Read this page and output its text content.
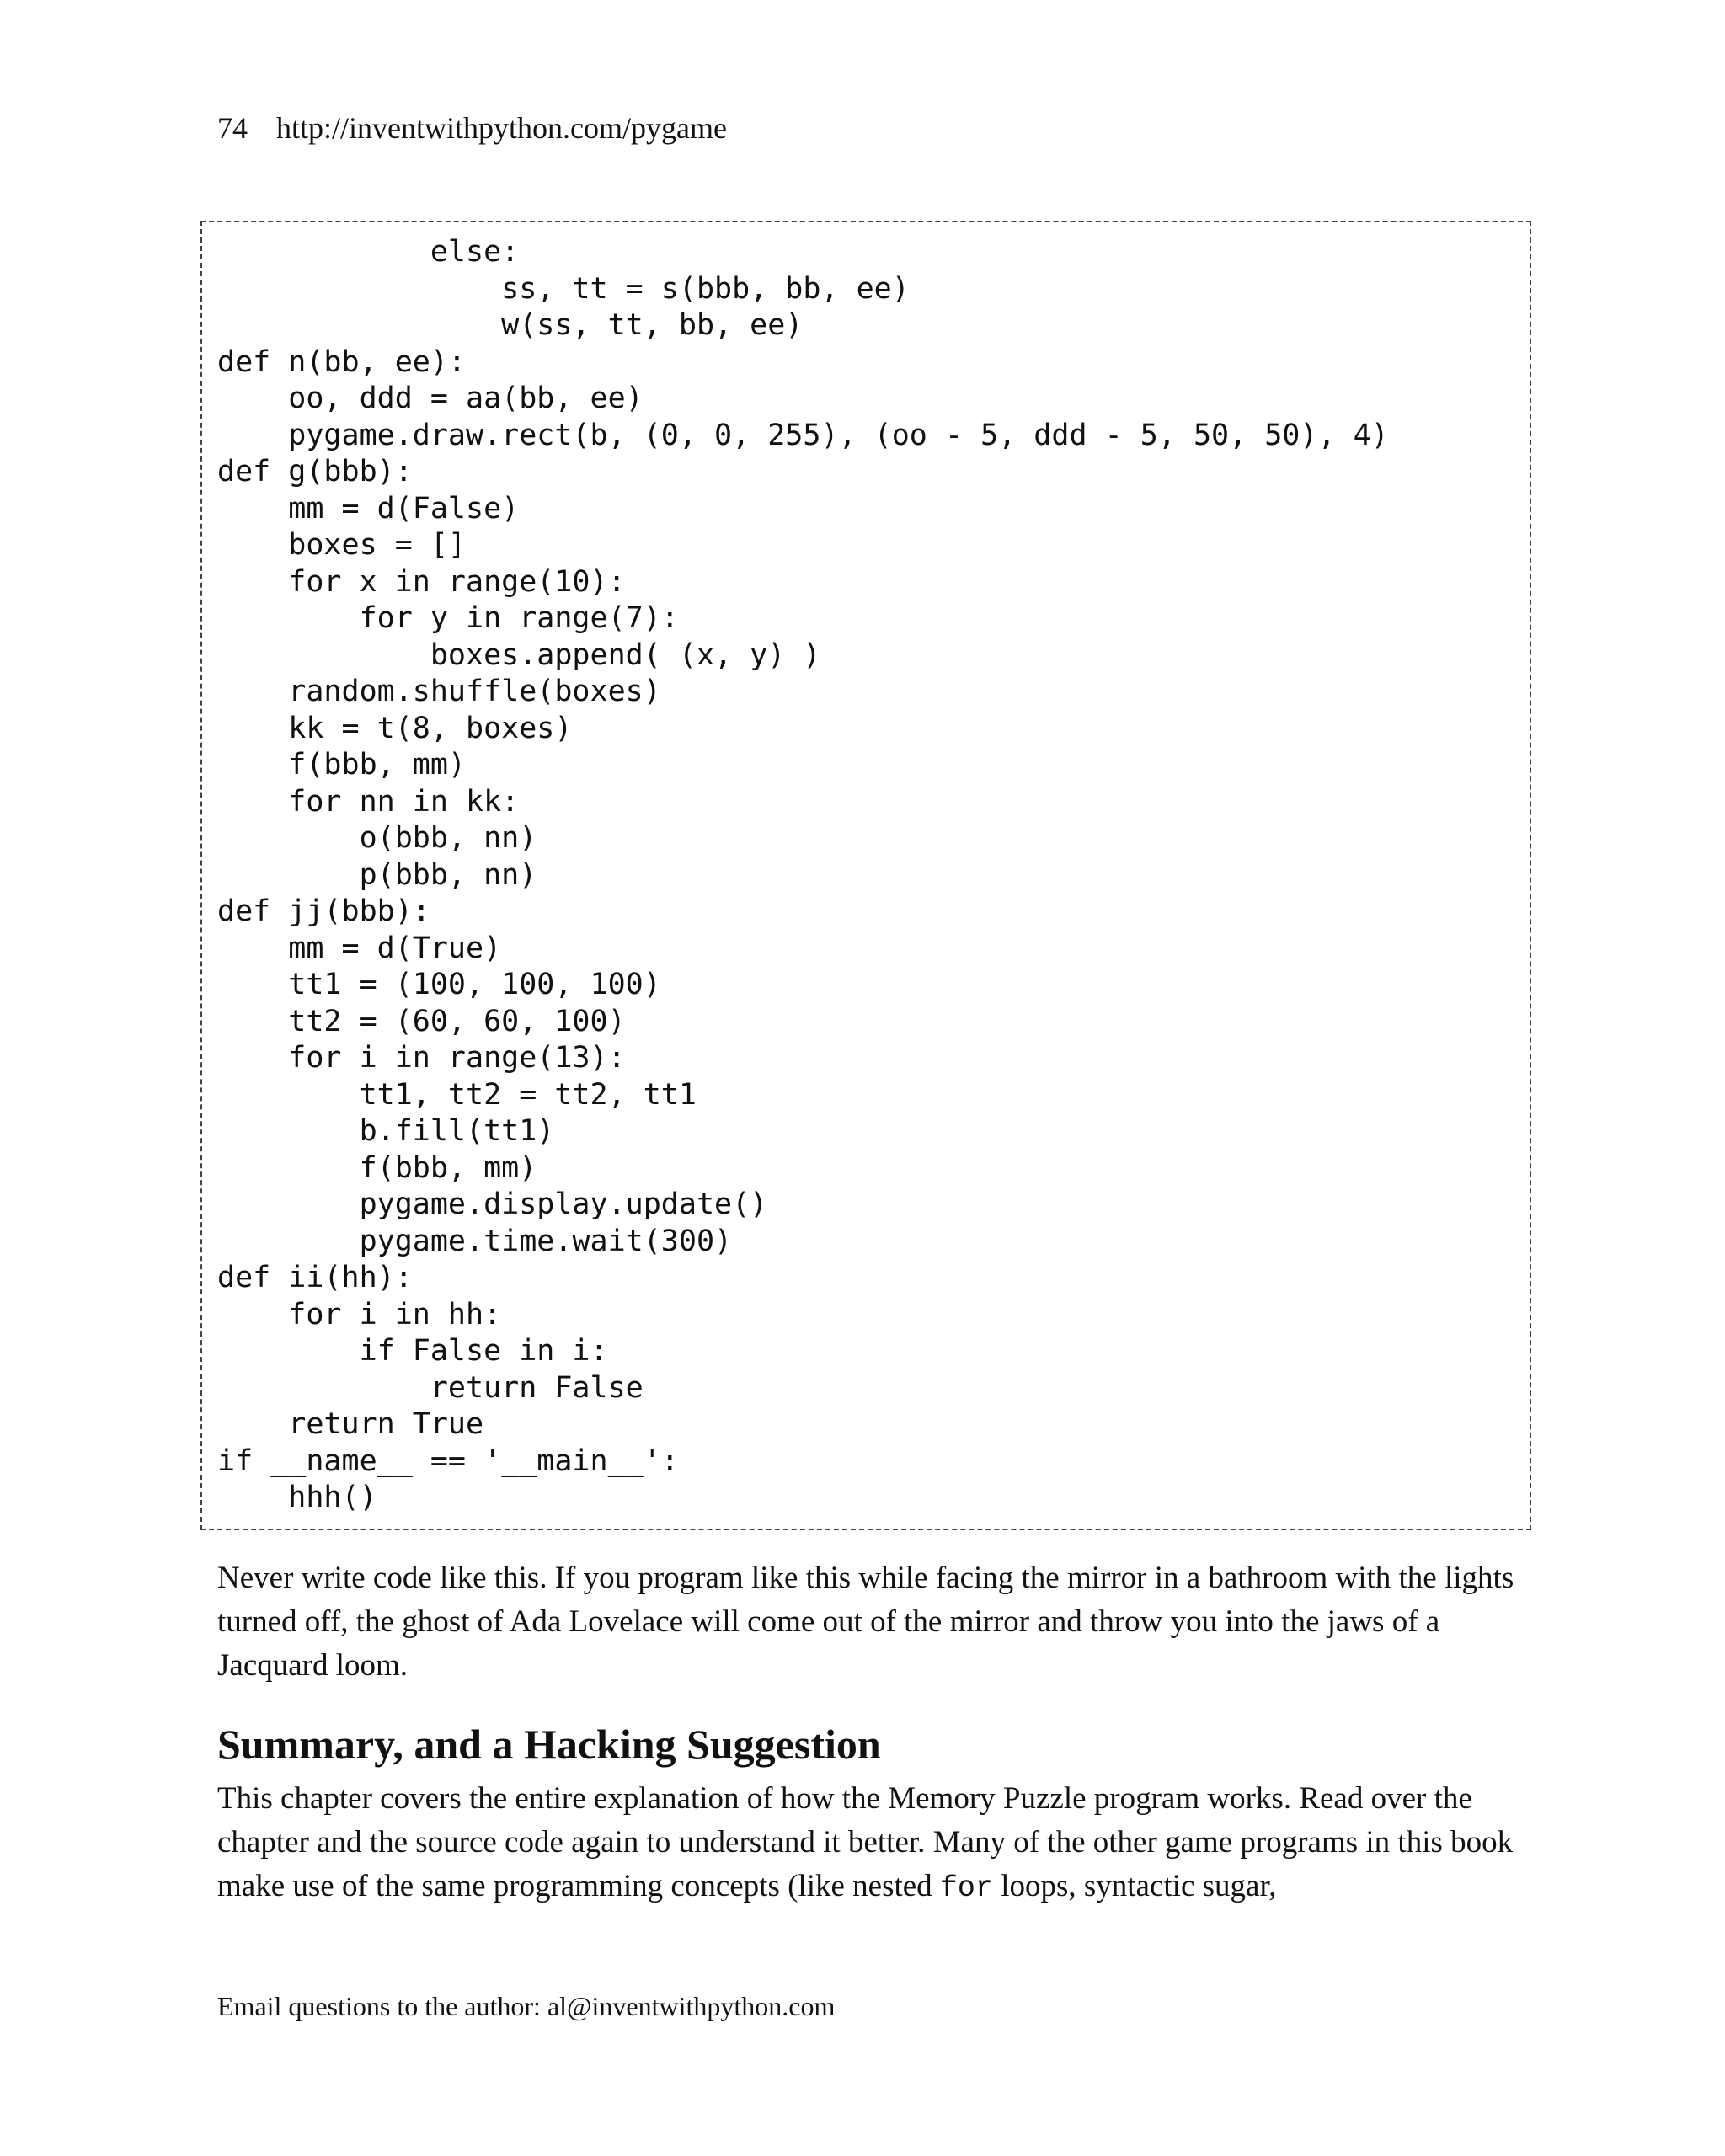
74 http://inventwithpython.com/pygame
else:
ss, tt = s(bbb, bb, ee)
w(ss, tt, bb, ee)
def n(bb, ee):
oo, ddd = aa(bb, ee)
pygame.draw.rect(b, (0, 0, 255), (oo - 5, ddd - 5, 50, 50), 4)
def g(bbb):
mm = d(False)
boxes = []
for x in range(10):
for y in range(7):
boxes.append( (x, y) )
random.shuffle(boxes)
kk = t(8, boxes)
f(bbb, mm)
for nn in kk:
o(bbb, nn)
p(bbb, nn)
def jj(bbb):
mm = d(True)
tt1 = (100, 100, 100)
tt2 = (60, 60, 100)
for i in range(13):
tt1, tt2 = tt2, tt1
b.fill(tt1)
f(bbb, mm)
pygame.display.update()
pygame.time.wait(300)
def ii(hh):
for i in hh:
if False in i:
return False
return True
if __name__ == '__main__':
hhh()

Never write code like this. If you program like this while facing the mirror in a bathroom with the lights turned off, the ghost of Ada Lovelace will come out of the mirror and throw you into the jaws of a Jacquard loom.

Summary, and a Hacking Suggestion

This chapter covers the entire explanation of how the Memory Puzzle program works. Read over the chapter and the source code again to understand it better. Many of the other game programs in this book make use of the same programming concepts (like nested for loops, syntactic sugar,

Email questions to the author: al@inventwithpython.com
